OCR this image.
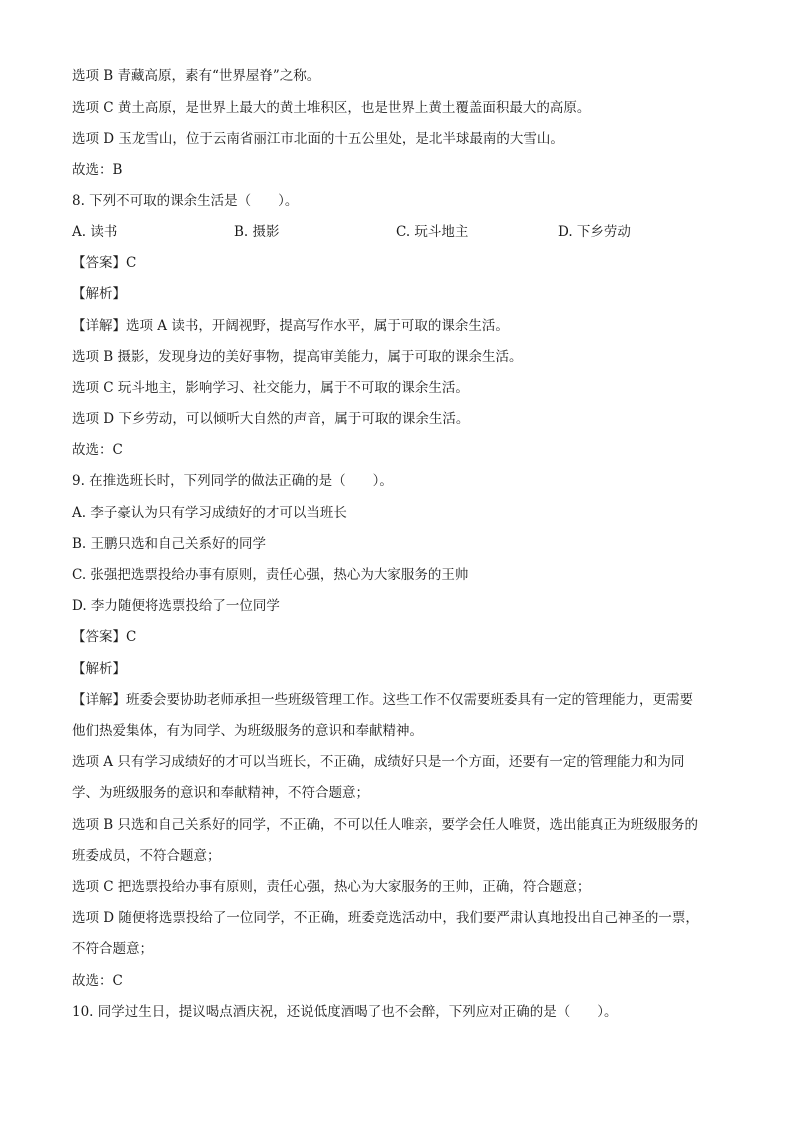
选项 B 青藏高原，素有“世界屋脊”之称。
选项 C 黄土高原，是世界上最大的黄土堆积区，也是世界上黄土覆盖面积最大的高原。
选项 D 玉龙雪山，位于云南省丽江市北面的十五公里处，是北半球最南的大雪山。
故选：B
8. 下列不可取的课余生活是（　　）。
A. 读书	B. 摄影	C. 玩斗地主	D. 下乡劳动
【答案】C
【解析】
【详解】选项 A 读书，开阔视野，提高写作水平，属于可取的课余生活。
选项 B 摄影，发现身边的美好事物，提高审美能力，属于可取的课余生活。
选项 C 玩斗地主，影响学习、社交能力，属于不可取的课余生活。
选项 D 下乡劳动，可以倾听大自然的声音，属于可取的课余生活。
故选：C
9. 在推选班长时，下列同学的做法正确的是（　　）。
A. 李子豪认为只有学习成绩好的才可以当班长
B. 王鹏只选和自己关系好的同学
C. 张强把选票投给办事有原则，责任心强，热心为大家服务的王帅
D. 李力随便将选票投给了一位同学
【答案】C
【解析】
【详解】班委会要协助老师承担一些班级管理工作。这些工作不仅需要班委具有一定的管理能力，更需要
他们热爱集体，有为同学、为班级服务的意识和奉献精神。
选项 A 只有学习成绩好的才可以当班长，不正确，成绩好只是一个方面，还要有一定的管理能力和为同
学、为班级服务的意识和奉献精神，不符合题意；
选项 B 只选和自己关系好的同学，不正确，不可以任人唯亲，要学会任人唯贤，选出能真正为班级服务的
班委成员，不符合题意；
选项 C 把选票投给办事有原则，责任心强，热心为大家服务的王帅，正确，符合题意；
选项 D 随便将选票投给了一位同学，不正确，班委竞选活动中，我们要严肃认真地投出自己神圣的一票，
不符合题意；
故选：C
10. 同学过生日，提议喝点酒庆祝，还说低度酒喝了也不会醉，下列应对正确的是（　　）。
